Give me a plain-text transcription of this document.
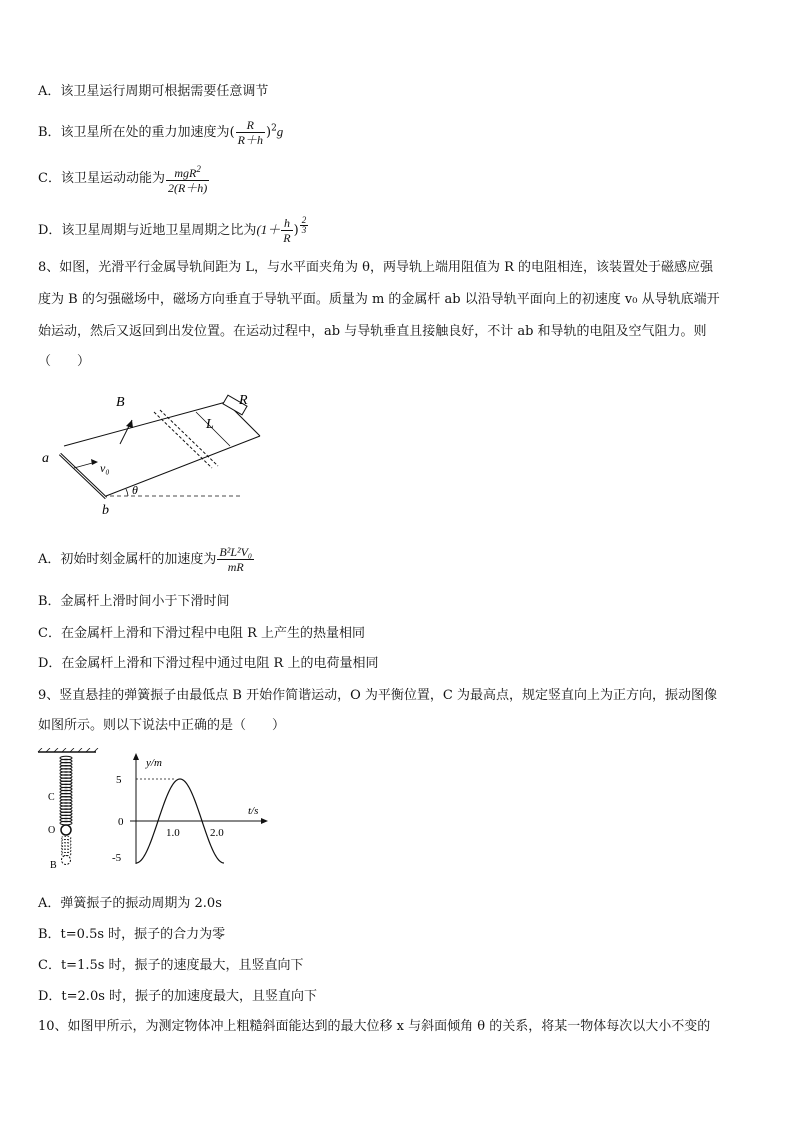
A．该卫星运行周期可根据需要任意调节
B．该卫星所在处的重力加速度为( $\frac{R}{R+h} )^2g$
C．该卫星运动动能为 $\frac{mgR^2}{2(R+h)}$
D．该卫星周期与近地卫星周期之比为($1+ \frac{h}{R}$ ) $\frac{2}{3}$
8、如图，光滑平行金属导轨间距为 L，与水平面夹角为 θ，两导轨上端用阻值为 R 的电阻相连，该装置处于磁感应强
度为 B 的匀强磁场中，磁场方向垂直于导轨平面。质量为 m 的金属杆 ab 以沿导轨平面向上的初速度 v₀ 从导轨底端开
始运动，然后又返回到出发位置。在运动过程中，ab 与导轨垂直且接触良好，不计 ab 和导轨的电阻及空气阻力。则
（　　）
B	R
L
a
v₀
θ
b
A．初始时刻金属杆的加速度为 $\frac{\text{B²L²V₀}}{mR}$
B．金属杆上滑时间小于下滑时间
C．在金属杆上滑和下滑过程中电阻 R 上产生的热量相同
D．在金属杆上滑和下滑过程中通过电阻 R 上的电荷量相同
9、竖直悬挂的弹簧振子由最低点 B 开始作简谐运动，O 为平衡位置，C 为最高点，规定竖直向上为正方向，振动图像
如图所示。则以下说法中正确的是（　　）
C
O
B
y/m
t/s
5
0
-5
1.0	2.0
A．弹簧振子的振动周期为 2.0s
B．t=0.5s 时，振子的合力为零
C．t=1.5s 时，振子的速度最大，且竖直向下
D．t=2.0s 时，振子的加速度最大，且竖直向下
10、如图甲所示，为测定物体冲上粗糙斜面能达到的最大位移 x 与斜面倾角 θ 的关系，将某一物体每次以大小不变的
